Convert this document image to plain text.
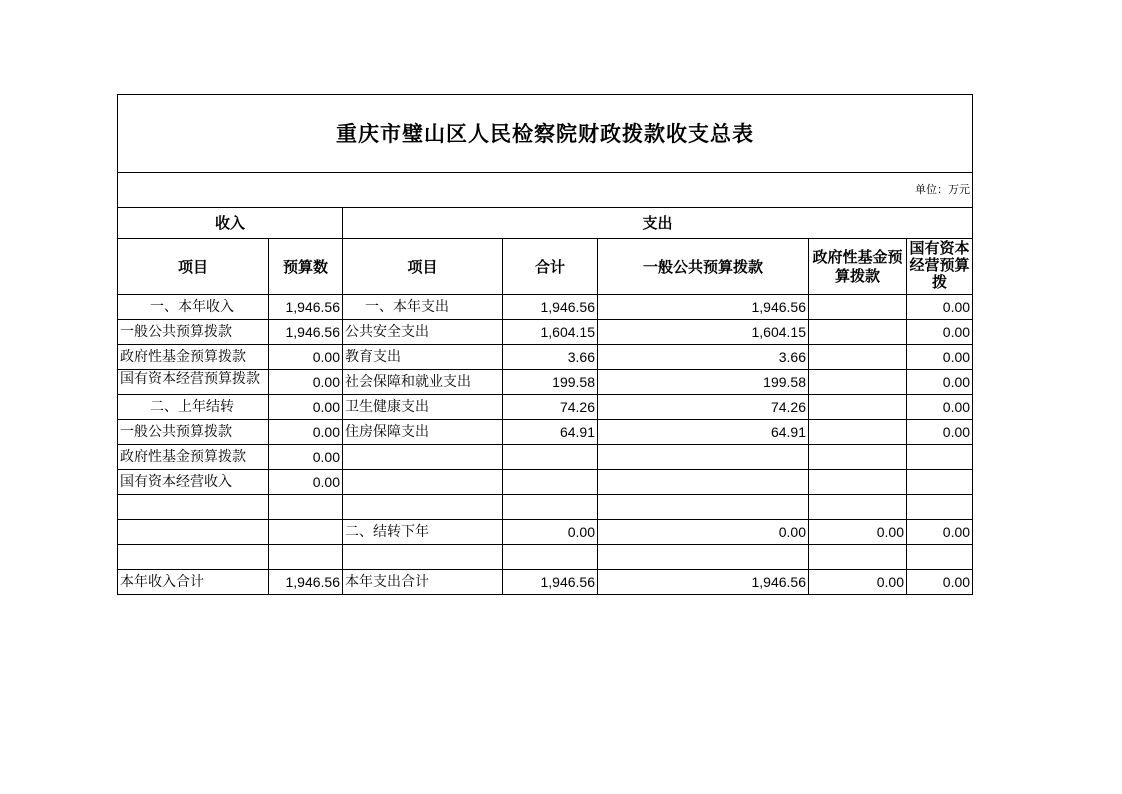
重庆市璧山区人民检察院财政拨款收支总表						
单位：万元						
收入		支出				
项目	预算数	项目	合计	一般公共预算拨款	政府性基金预算拨款	国有资本经营预算拨
一、本年收入	1,946.56	一、本年支出	1,946.56	1,946.56		0.00
一般公共预算拨款	1,946.56	公共安全支出	1,604.15	1,604.15		0.00
政府性基金预算拨款	0.00	教育支出	3.66	3.66		0.00
国有资本经营预算拨款	0.00	社会保障和就业支出	199.58	199.58		0.00
二、上年结转	0.00	卫生健康支出	74.26	74.26		0.00
一般公共预算拨款	0.00	住房保障支出	64.91	64.91		0.00
政府性基金预算拨款	0.00					
国有资本经营收入	0.00					

		二、结转下年	0.00	0.00	0.00	0.00

本年收入合计	1,946.56	本年支出合计	1,946.56	1,946.56	0.00	0.00
